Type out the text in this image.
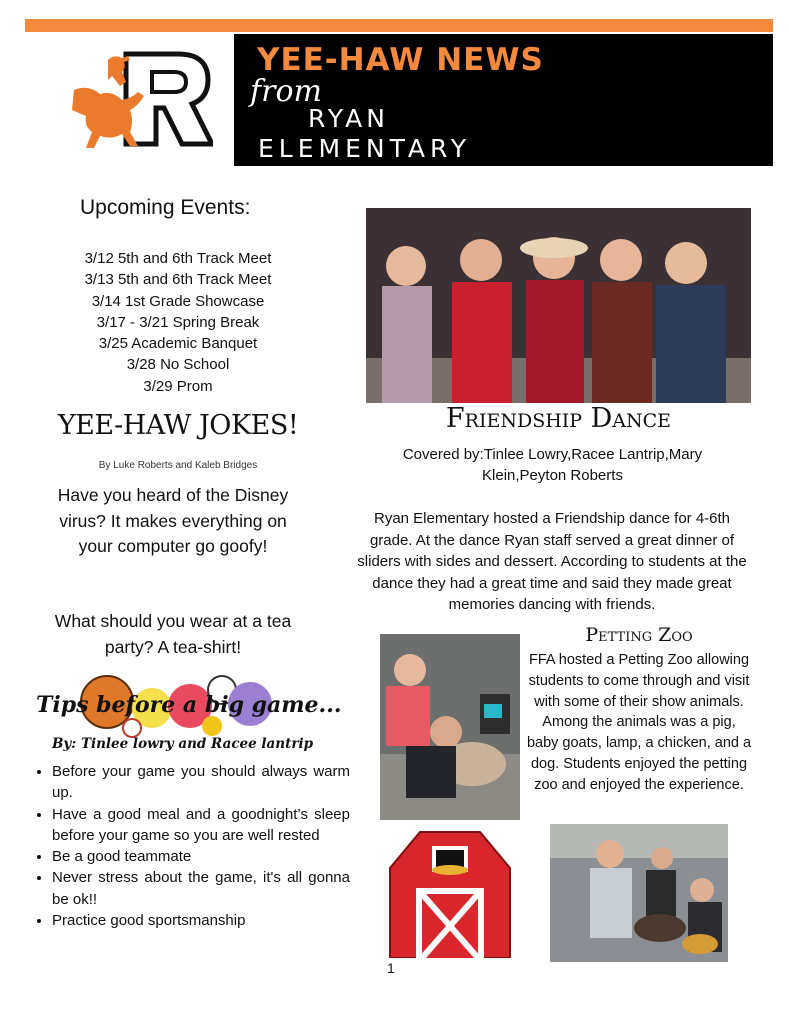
R
YEE-HAW NEWS
from
RYAN
ELEMENTARY
Upcoming Events:
3/12 5th and 6th Track Meet
3/13 5th and 6th Track Meet
3/14 1st Grade Showcase
3/17 - 3/21 Spring Break
3/25 Academic Banquet
3/28 No School
3/29 Prom
YEE-HAW JOKES!
By Luke Roberts and Kaleb Bridges
Have you heard of the Disney virus? It makes everything on your computer go goofy!
What should you wear at a tea party? A tea-shirt!
Tips before a big game...
By: Tinlee lowry and Racee lantrip
• Before your game you should always warm up.
• Have a good meal and a goodnight’s sleep before your game so you are well rested
• Be a good teammate
• Never stress about the game, it's all gonna be ok!!
• Practice good sportsmanship
Friendship Dance
Covered by:Tinlee Lowry,Racee Lantrip,Mary Klein,Peyton Roberts
Ryan Elementary hosted a Friendship dance for 4-6th grade. At the dance Ryan staff served a great dinner of sliders with sides and dessert. According to students at the dance they had a great time and said they made great memories dancing with friends.
Petting Zoo
FFA hosted a Petting Zoo allowing students to come through and visit with some of their show animals. Among the animals was a pig, baby goats, lamp, a chicken, and a dog. Students enjoyed the petting zoo and enjoyed the experience.
1
